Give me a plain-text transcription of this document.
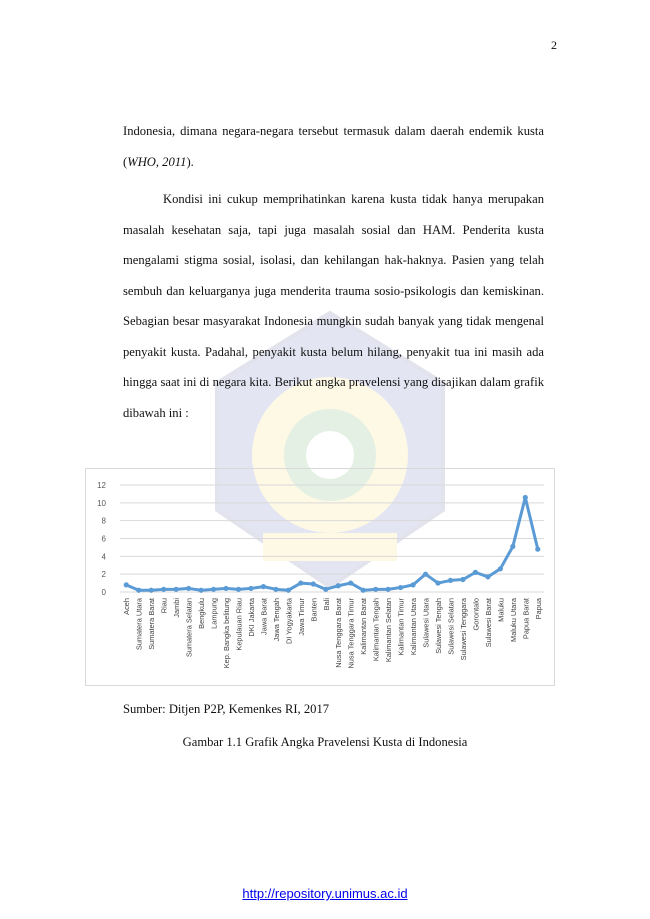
2

Indonesia, dimana negara-negara tersebut termasuk dalam daerah endemik kusta (WHO, 2011).

Kondisi ini cukup memprihatinkan karena kusta tidak hanya merupakan masalah kesehatan saja, tapi juga masalah sosial dan HAM. Penderita kusta mengalami stigma sosial, isolasi, dan kehilangan hak-haknya. Pasien yang telah sembuh dan keluarganya juga menderita trauma sosio-psikologis dan kemiskinan. Sebagian besar masyarakat Indonesia mungkin sudah banyak yang tidak mengenal penyakit kusta. Padahal, penyakit kusta belum hilang, penyakit tua ini masih ada hingga saat ini di negara kita. Berikut angka pravelensi yang disajikan dalam grafik dibawah ini :

0
2
4
6
8
10
12
Aceh Sumatera Utara Sumatera Barat Riau Jambi Sumatera Selatan Bengkulu Lampung Kep. Bangka belitung Kepulauan Riau DKI Jakarta Jawa Barat Jawa Tengah DI Yogyakarta Jawa Timur Banten Bali Nusa Tenggara Barat Nusa Tenggara Timur Kalimantan Barat Kalimantan Tengah Kalimantan Selatan Kalimantan Timur Kalimantan Utara Sulawesi Utara Sulawesi Tengah Sulawesi Selatan Sulawesi Tenggara Gorontalo Sulawesi Barat Maluku Maluku Utara Papua Barat Papua
Sumber: Ditjen P2P, Kemenkes RI, 2017
Gambar 1.1 Grafik Angka Pravelensi Kusta di Indonesia
http://repository.unimus.ac.id
